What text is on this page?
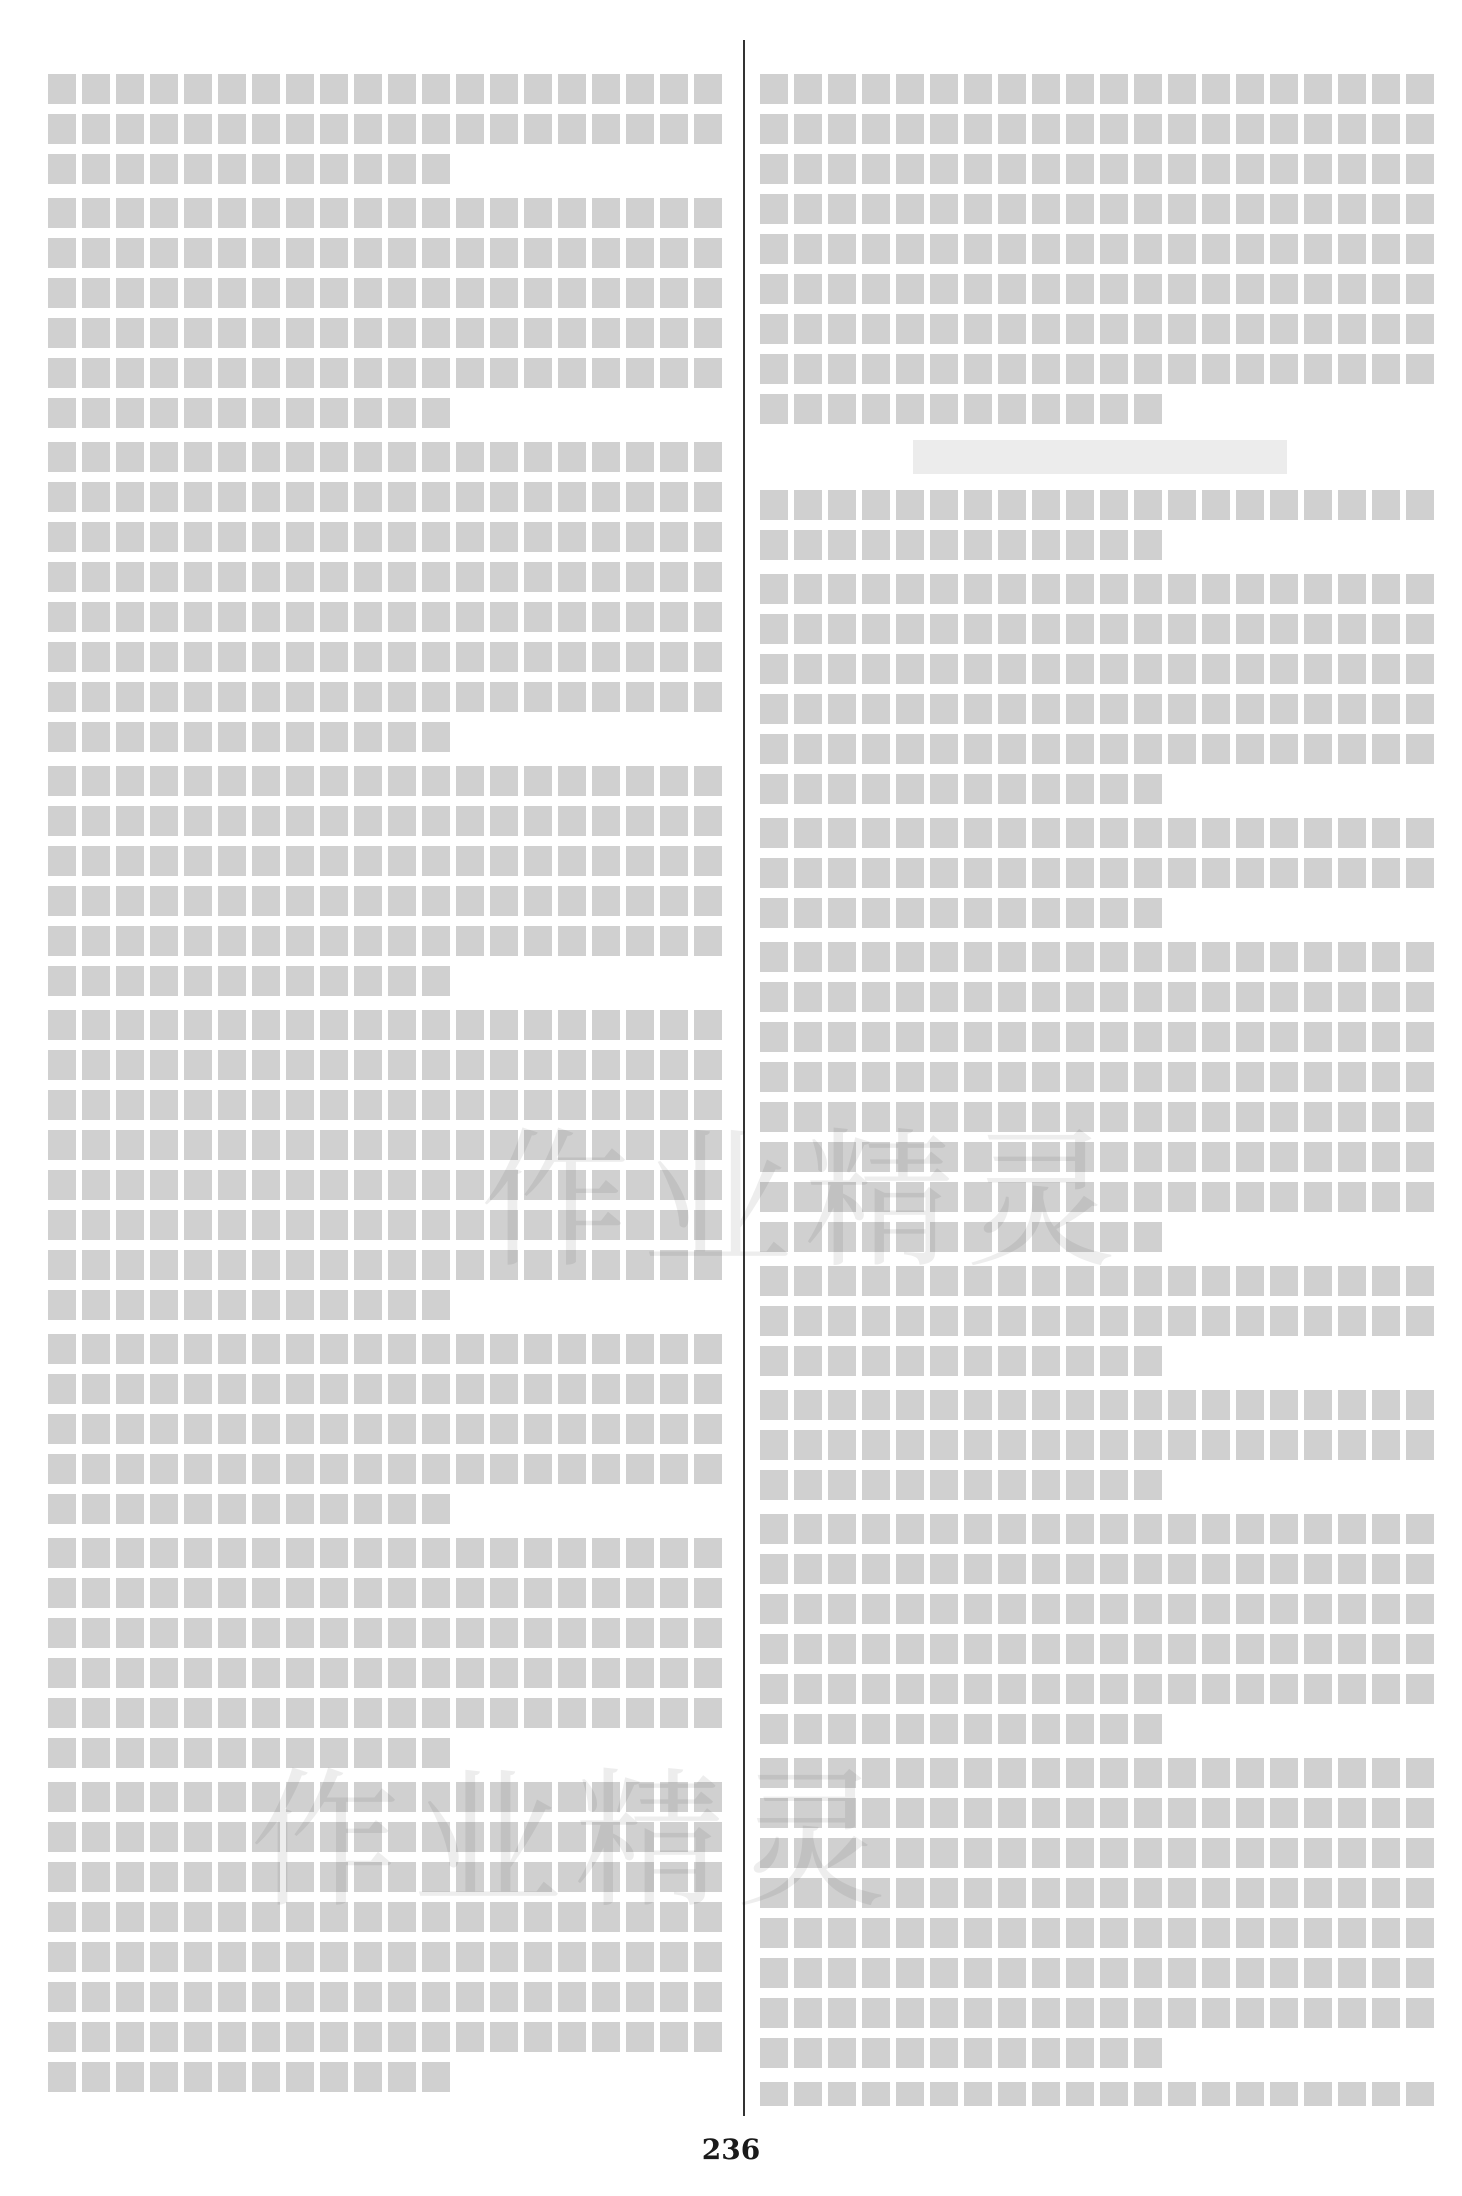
236
